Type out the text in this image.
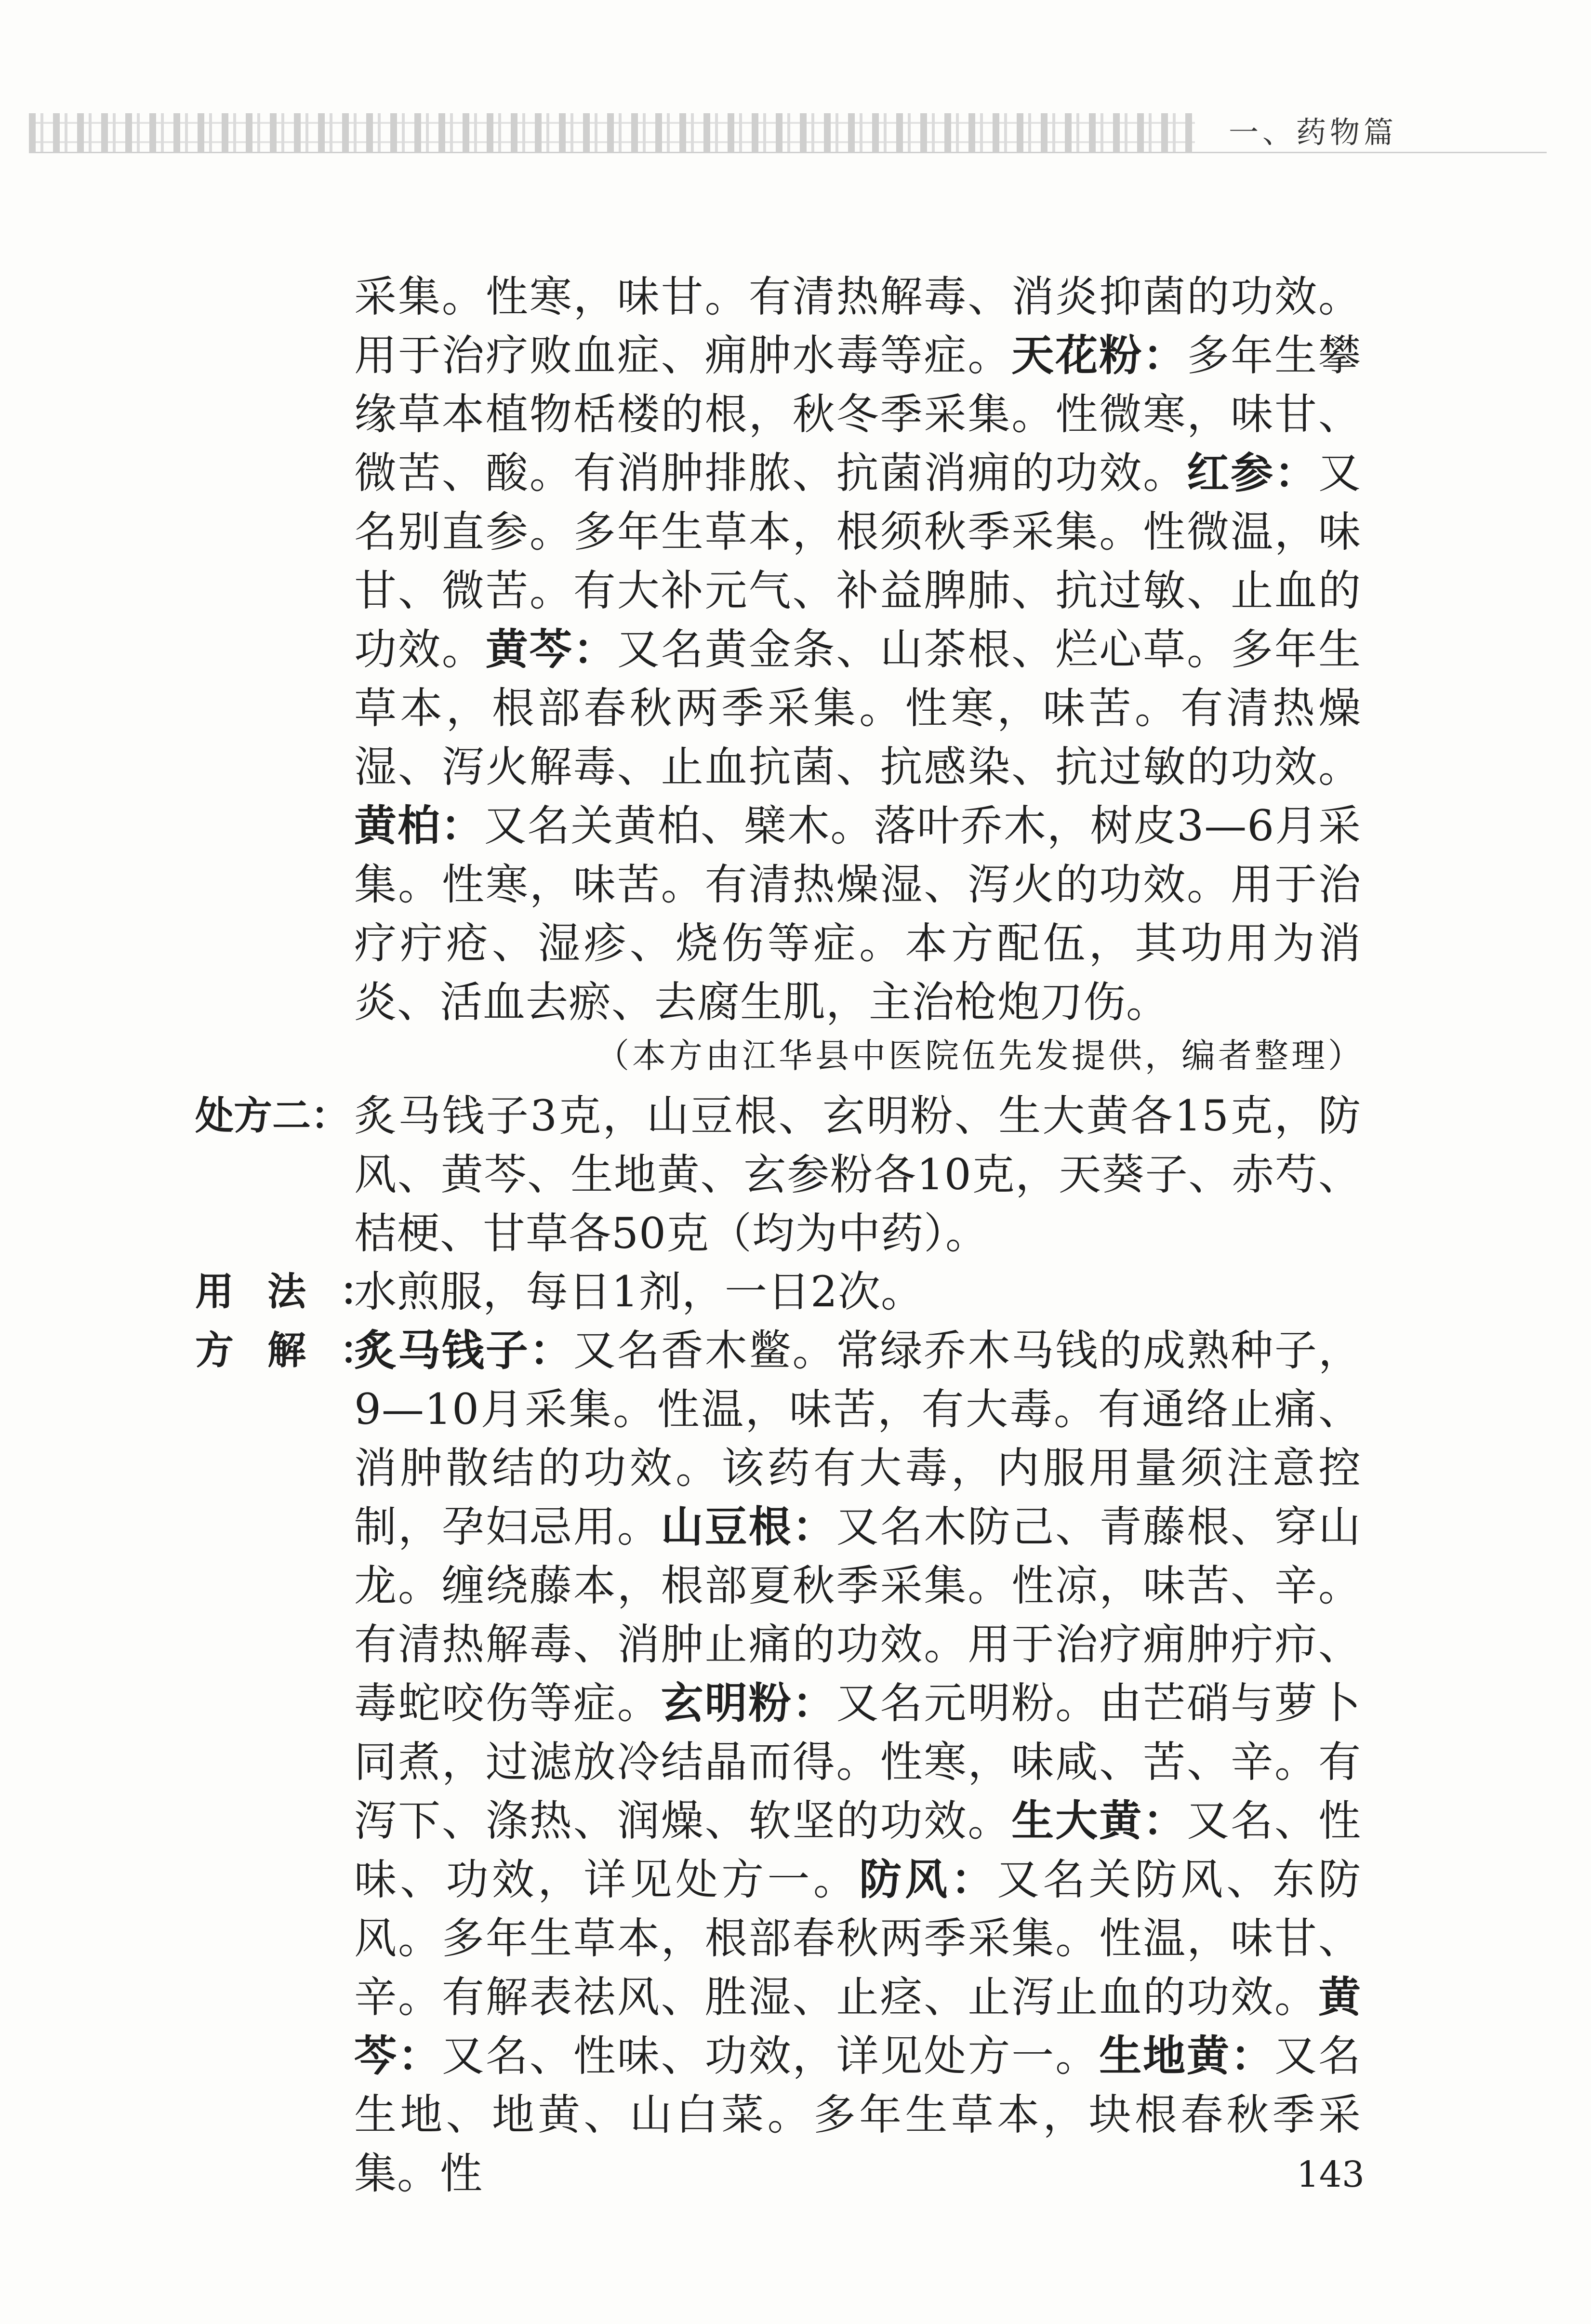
一、药物篇
采集。性寒，味甘。有清热解毒、消炎抑菌的功效。用于治疗败血症、痈肿水毒等症。天花粉：多年生攀缘草本植物栝楼的根，秋冬季采集。性微寒，味甘、微苦、酸。有消肿排脓、抗菌消痈的功效。红参：又名别直参。多年生草本，根须秋季采集。性微温，味甘、微苦。有大补元气、补益脾肺、抗过敏、止血的功效。黄芩：又名黄金条、山茶根、烂心草。多年生草本，根部春秋两季采集。性寒，味苦。有清热燥湿、泻火解毒、止血抗菌、抗感染、抗过敏的功效。黄柏：又名关黄柏、檗木。落叶乔木，树皮3—6月采集。性寒，味苦。有清热燥湿、泻火的功效。用于治疗疔疮、湿疹、烧伤等症。本方配伍，其功用为消炎、活血去瘀、去腐生肌，主治枪炮刀伤。
（本方由江华县中医院伍先发提供，编者整理）
处方二： 炙马钱子3克，山豆根、玄明粉、生大黄各15克，防风、黄芩、生地黄、玄参粉各10克，天葵子、赤芍、桔梗、甘草各50克（均为中药）。
用法：
水煎服，每日1剂，一日2次。
方解：
炙马钱子：又名香木鳖。常绿乔木马钱的成熟种子，9—10月采集。性温，味苦，有大毒。有通络止痛、消肿散结的功效。该药有大毒，内服用量须注意控制，孕妇忌用。山豆根：又名木防己、青藤根、穿山龙。缠绕藤本，根部夏秋季采集。性凉，味苦、辛。有清热解毒、消肿止痛的功效。用于治疗痈肿疔疖、毒蛇咬伤等症。玄明粉：又名元明粉。由芒硝与萝卜同煮，过滤放冷结晶而得。性寒，味咸、苦、辛。有泻下、涤热、润燥、软坚的功效。生大黄：又名、性味、功效，详见处方一。防风：又名关防风、东防风。多年生草本，根部春秋两季采集。性温，味甘、辛。有解表祛风、胜湿、止痉、止泻止血的功效。黄芩：又名、性味、功效，详见处方一。生地黄：又名生地、地黄、山白菜。多年生草本，块根春秋季采集。性	143
